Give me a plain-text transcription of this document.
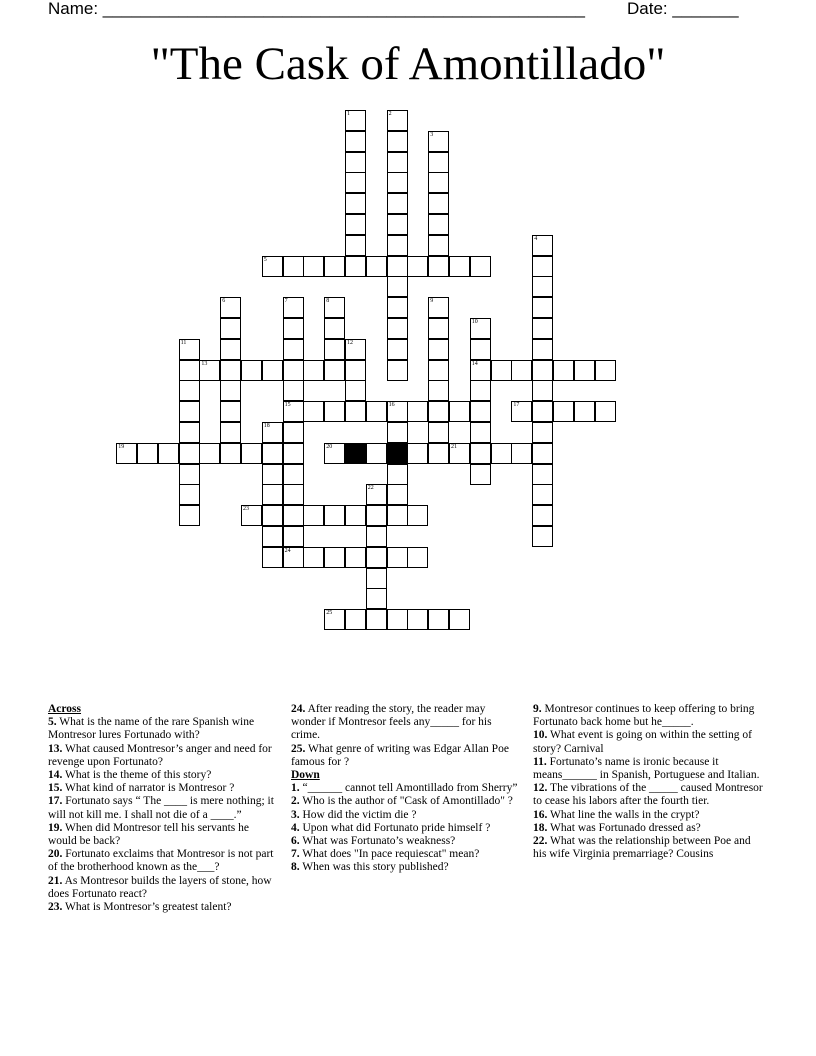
Name: ___________________________________________________ Date: _______
"The Cask of Amontillado"
1	2
3
4
5
6	7
15
8	9
10
14
11	12
13
16	17
18
19	20	21
22
23
24
25

Across

5. What is the name of the rare Spanish wine Montresor lures Fortunado with?

13. What caused Montresor’s anger and need for revenge upon Fortunato?

14. What is the theme of this story?

15. What kind of narrator is Montresor ?

17. Fortunato says “ The ____ is mere nothing; it will not kill me. I shall not die of a ____.”

19. When did Montresor tell his servants he would be back?

20. Fortunato exclaims that Montresor is not part of the brotherhood known as the___?

21. As Montresor builds the layers of stone, how does Fortunato react?

23. What is Montresor’s greatest talent?

24. After reading the story, the reader may wonder if Montresor feels any_____ for his crime.

25. What genre of writing was Edgar Allan Poe famous for ?

Down

1. “______ cannot tell Amontillado from Sherry”

2. Who is the author of "Cask of Amontillado" ?

3. How did the victim die ?

4. Upon what did Fortunato pride himself ?

6. What was Fortunato’s weakness?

7. What does "In pace requiescat" mean?

8. When was this story published?

9. Montresor continues to keep offering to bring Fortunato back home but he_____.

10. What event is going on within the setting of story? Carnival

11. Fortunato’s name is ironic because it means______ in Spanish, Portuguese and Italian.

12. The vibrations of the _____ caused Montresor to cease his labors after the fourth tier.

16. What line the walls in the crypt?

18. What was Fortunado dressed as?

22. What was the relationship between Poe and his wife Virginia premarriage? Cousins
